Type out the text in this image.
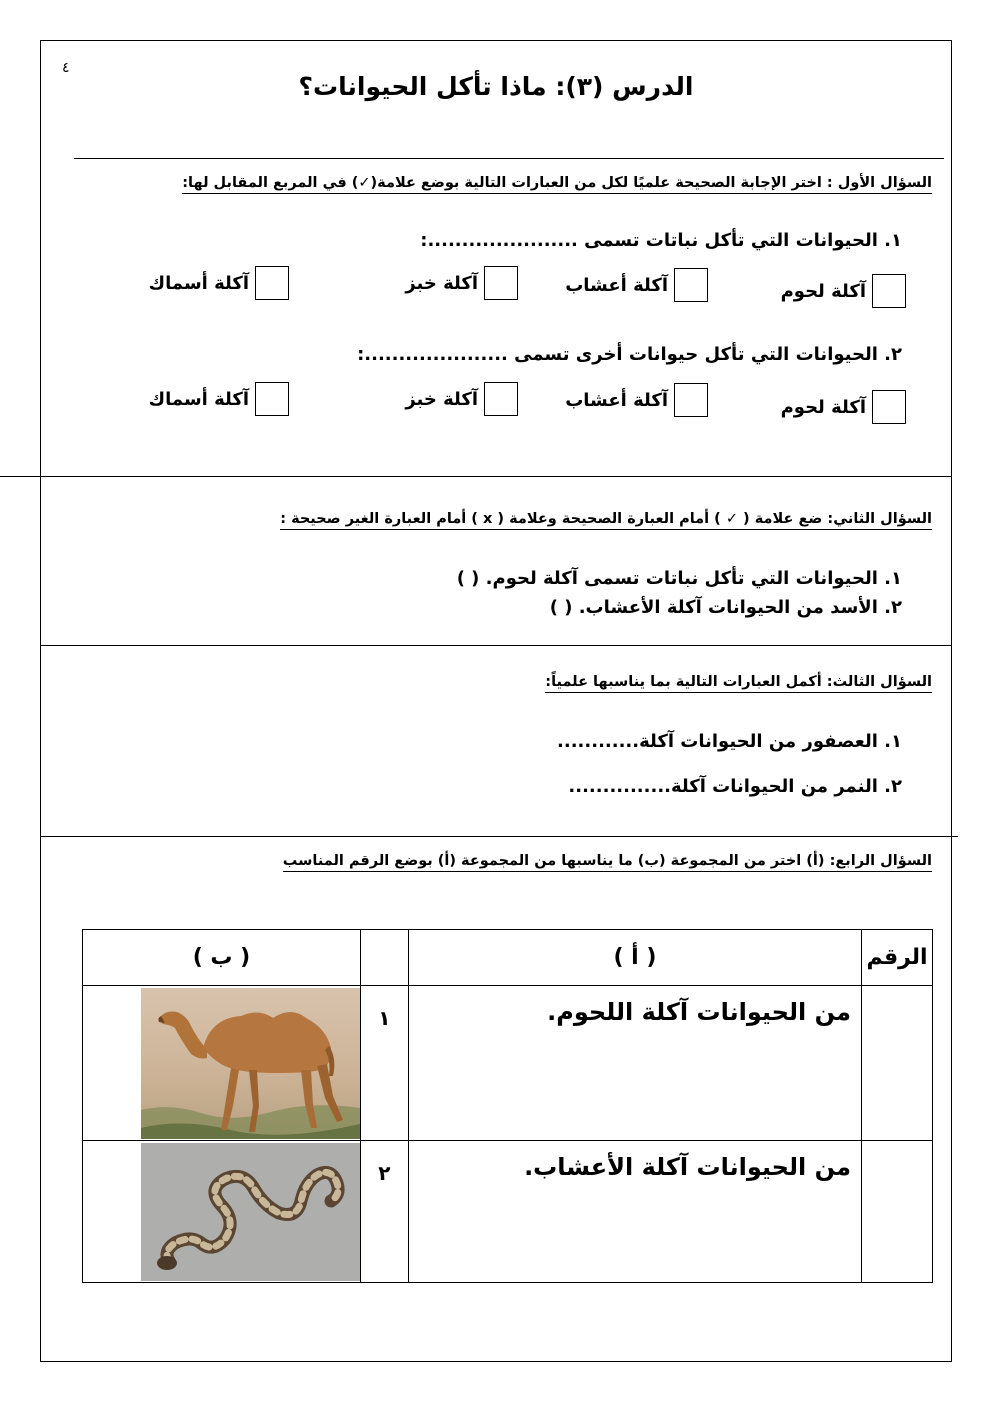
٤
الدرس (٣): ماذا تأكل الحيوانات؟
السؤال الأول : اختر الإجابة الصحيحة علميًا لكل من العبارات التالية بوضع علامة(✓) في المربع المقابل لها:
١. الحيوانات التي تأكل نباتات تسمى ......................:
آكلة لحوم
آكلة أعشاب
آكلة خبز
آكلة أسماك
٢. الحيوانات التي تأكل حيوانات أخرى تسمى .....................:
آكلة لحوم
آكلة أعشاب
آكلة خبز
آكلة أسماك
السؤال الثاني: ضع علامة ( ✓ ) أمام العبارة الصحيحة وعلامة ( x ) أمام العبارة الغير صحيحة :
١. الحيوانات التي تأكل نباتات تسمى آكلة لحوم. ( )
٢. الأسد من الحيوانات آكلة الأعشاب. ( )
السؤال الثالث: أكمل العبارات التالية بما يناسبها علمياً:
١. العصفور من الحيوانات آكلة............
٢. النمر من الحيوانات آكلة...............
السؤال الرابع: (أ) اختر من المجموعة (ب) ما يناسبها من المجموعة (أ) بوضع الرقم المناسب
الرقم	( أ )		( ب )
	من الحيوانات آكلة اللحوم.	١	

	من الحيوانات آكلة الأعشاب.	٢	
